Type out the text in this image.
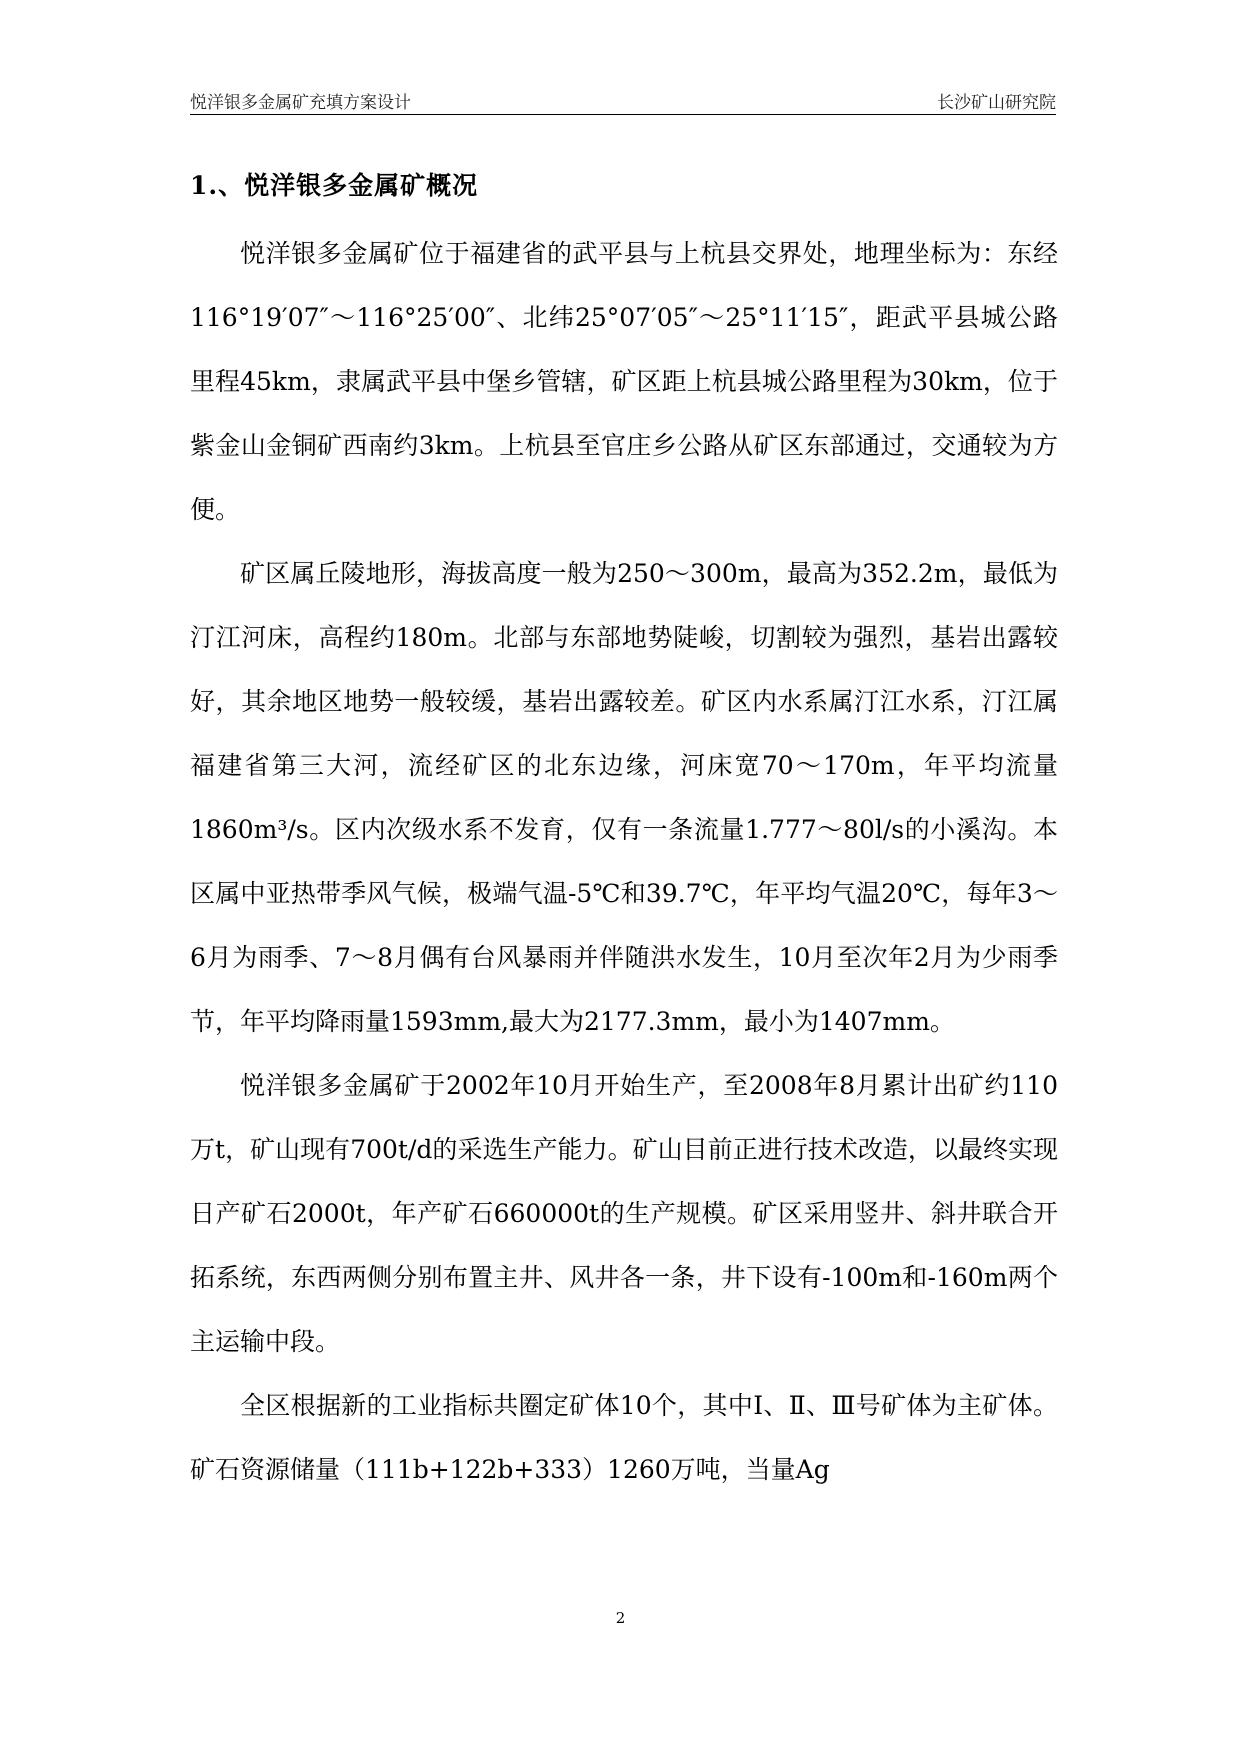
悦洋银多金属矿充填方案设计	长沙矿山研究院
1.、悦洋银多金属矿概况

悦洋银多金属矿位于福建省的武平县与上杭县交界处，地理坐标为：东经116°19′07″～116°25′00″、北纬25°07′05″～25°11′15″，距武平县城公路里程45km，隶属武平县中堡乡管辖，矿区距上杭县城公路里程为30km，位于紫金山金铜矿西南约3km。上杭县至官庄乡公路从矿区东部通过，交通较为方便。

矿区属丘陵地形，海拔高度一般为250～300m，最高为352.2m，最低为汀江河床，高程约180m。北部与东部地势陡峻，切割较为强烈，基岩出露较好，其余地区地势一般较缓，基岩出露较差。矿区内水系属汀江水系，汀江属福建省第三大河，流经矿区的北东边缘，河床宽70～170m，年平均流量1860m³/s。区内次级水系不发育，仅有一条流量1.777～80l/s的小溪沟。本区属中亚热带季风气候，极端气温-5℃和39.7℃，年平均气温20℃，每年3～6月为雨季、7～8月偶有台风暴雨并伴随洪水发生，10月至次年2月为少雨季节，年平均降雨量1593mm,最大为2177.3mm，最小为1407mm。

悦洋银多金属矿于2002年10月开始生产，至2008年8月累计出矿约110万t，矿山现有700t/d的采选生产能力。矿山目前正进行技术改造，以最终实现日产矿石2000t，年产矿石660000t的生产规模。矿区采用竖井、斜井联合开拓系统，东西两侧分别布置主井、风井各一条，井下设有-100m和-160m两个主运输中段。

全区根据新的工业指标共圈定矿体10个，其中Ⅰ、Ⅱ、Ⅲ号矿体为主矿体。矿石资源储量（111b+122b+333）1260万吨，当量Ag

2
